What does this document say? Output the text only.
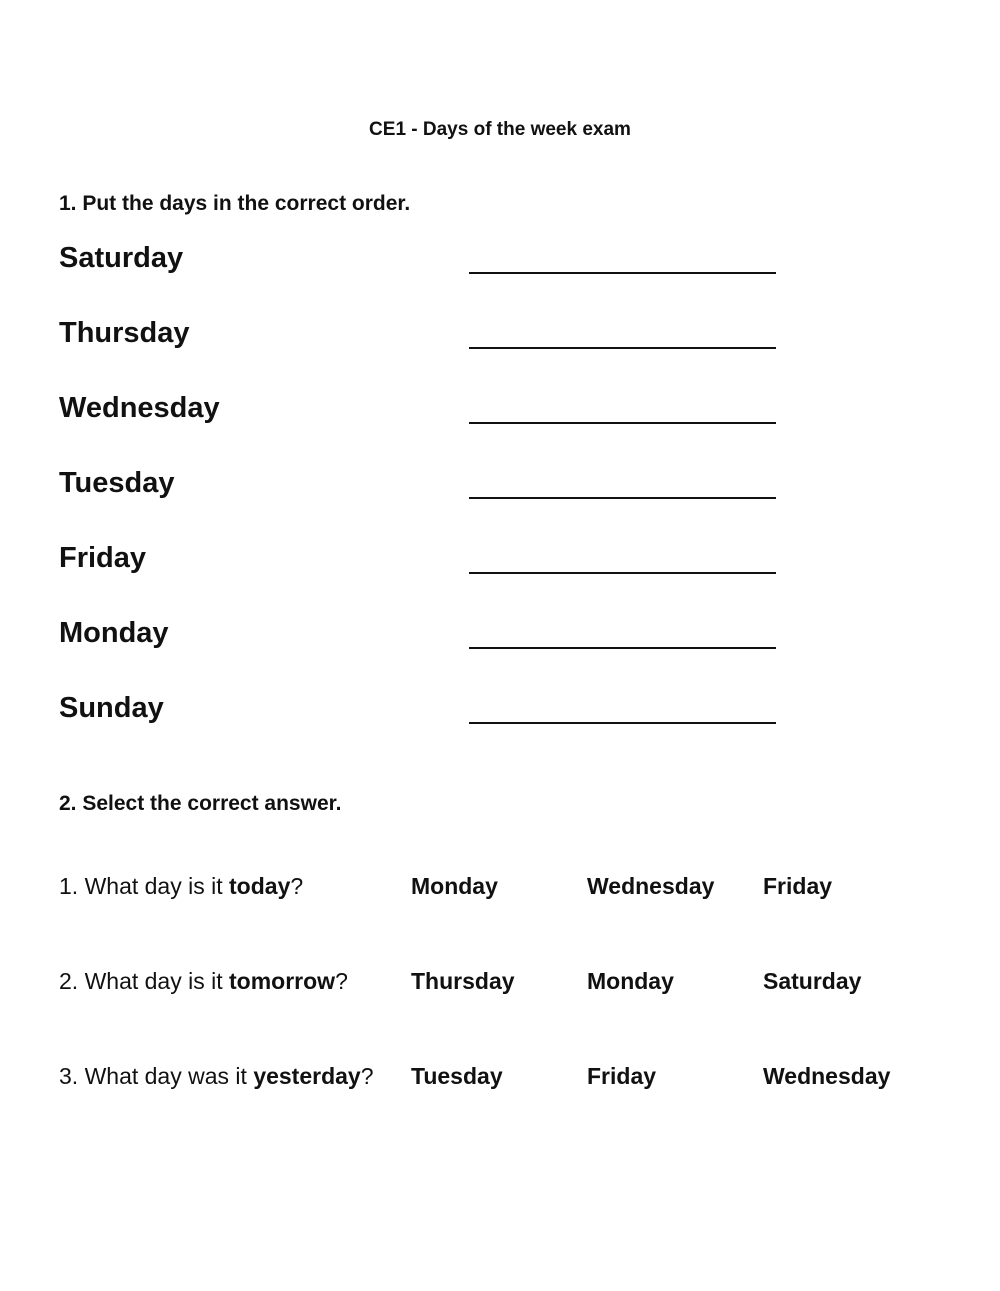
CE1 - Days of the week exam
1. Put the days in the correct order.
Saturday
Thursday
Wednesday
Tuesday
Friday
Monday
Sunday
2. Select the correct answer.
1. What day is it today?	Monday	Wednesday Friday
2. What day is it tomorrow?	Thursday	Monday	Saturday
3. What day was it yesterday? Tuesday	Friday	Wednesday
